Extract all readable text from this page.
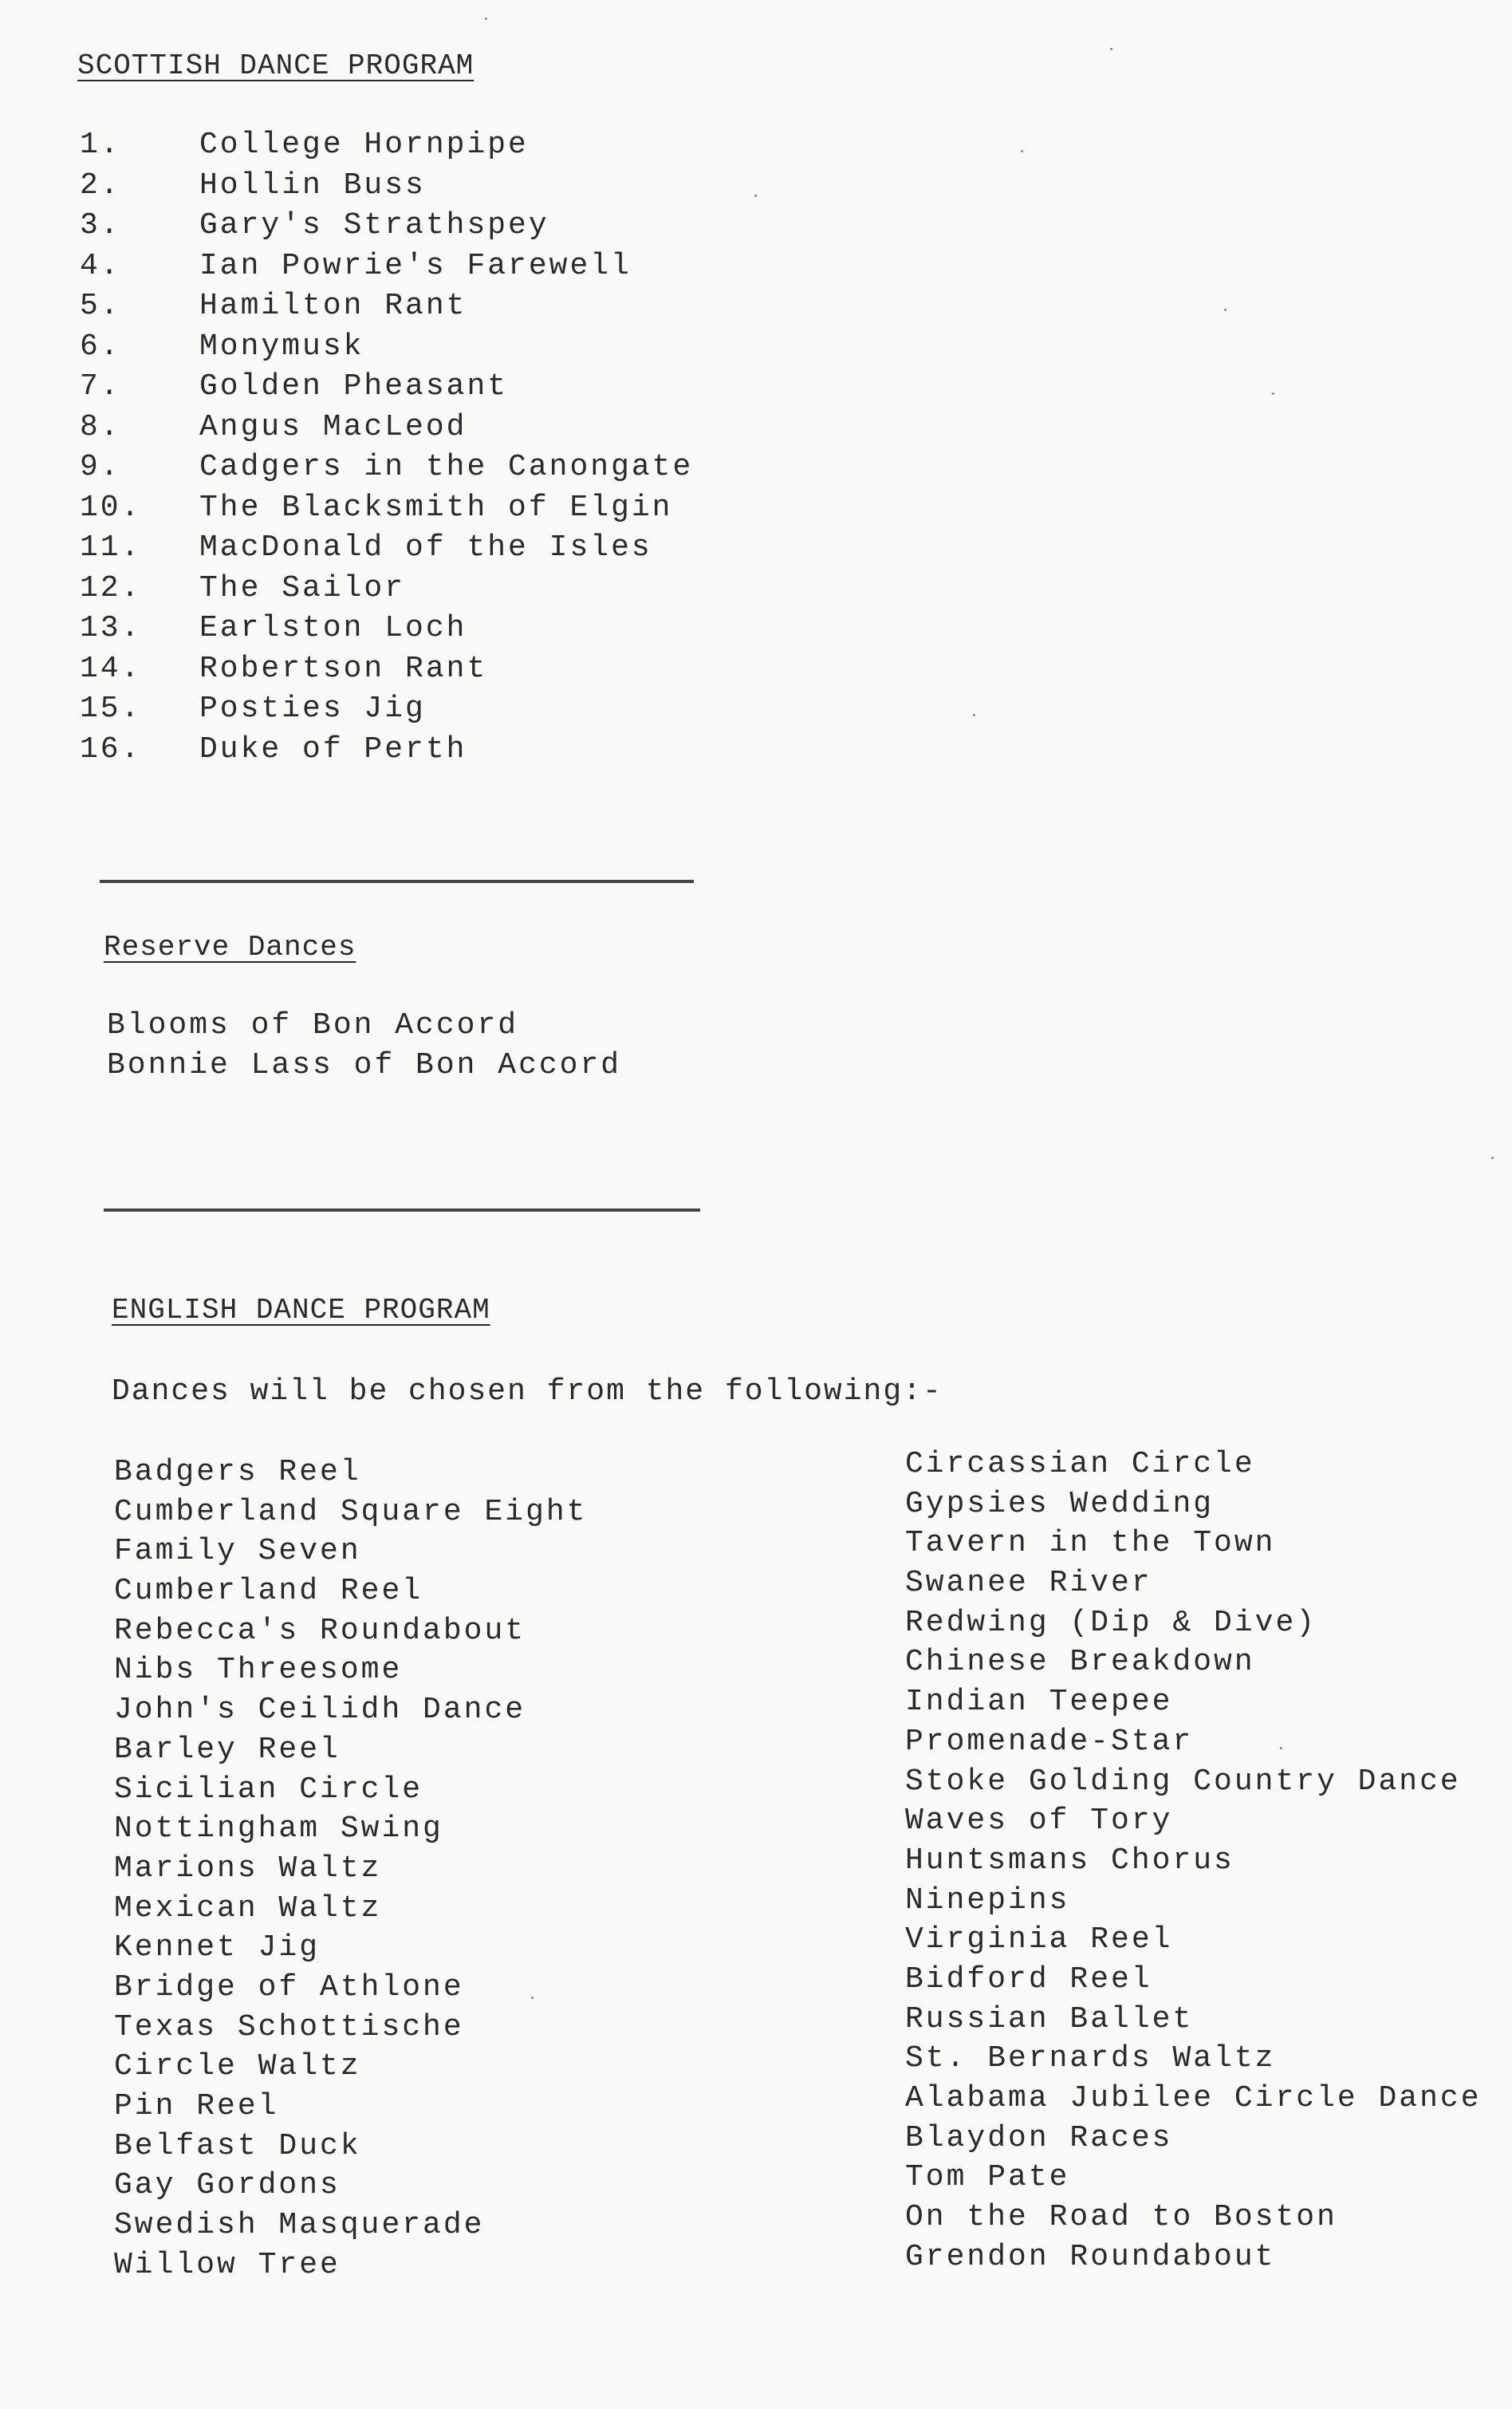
SCOTTISH DANCE PROGRAM
1.	College Hornpipe
2.	Hollin Buss
3.	Gary's Strathspey
4.	Ian Powrie's Farewell
5.	Hamilton Rant
6.	Monymusk
7.	Golden Pheasant
8.	Angus MacLeod
9.	Cadgers in the Canongate
10. The Blacksmith of Elgin
11. MacDonald of the Isles
12. The Sailor
13. Earlston Loch
14. Robertson Rant
15. Posties Jig
16. Duke of Perth
Reserve Dances
Blooms of Bon Accord
Bonnie Lass of Bon Accord
ENGLISH DANCE PROGRAM
Dances will be chosen from the following:-
Badgers Reel
Cumberland Square Eight
Family Seven
Cumberland Reel
Rebecca's Roundabout
Nibs Threesome
John's Ceilidh Dance
Barley Reel
Sicilian Circle
Nottingham Swing
Marions Waltz
Mexican Waltz
Kennet Jig
Bridge of Athlone
Texas Schottische
Circle Waltz
Pin Reel
Belfast Duck
Gay Gordons
Swedish Masquerade
Willow Tree
Circassian Circle
Gypsies Wedding
Tavern in the Town
Swanee River
Redwing (Dip & Dive)
Chinese Breakdown
Indian Teepee
Promenade-Star
Stoke Golding Country Dance
Waves of Tory
Huntsmans Chorus
Ninepins
Virginia Reel
Bidford Reel
Russian Ballet
St. Bernards Waltz
Alabama Jubilee Circle Dance
Blaydon Races
Tom Pate
On the Road to Boston
Grendon Roundabout
